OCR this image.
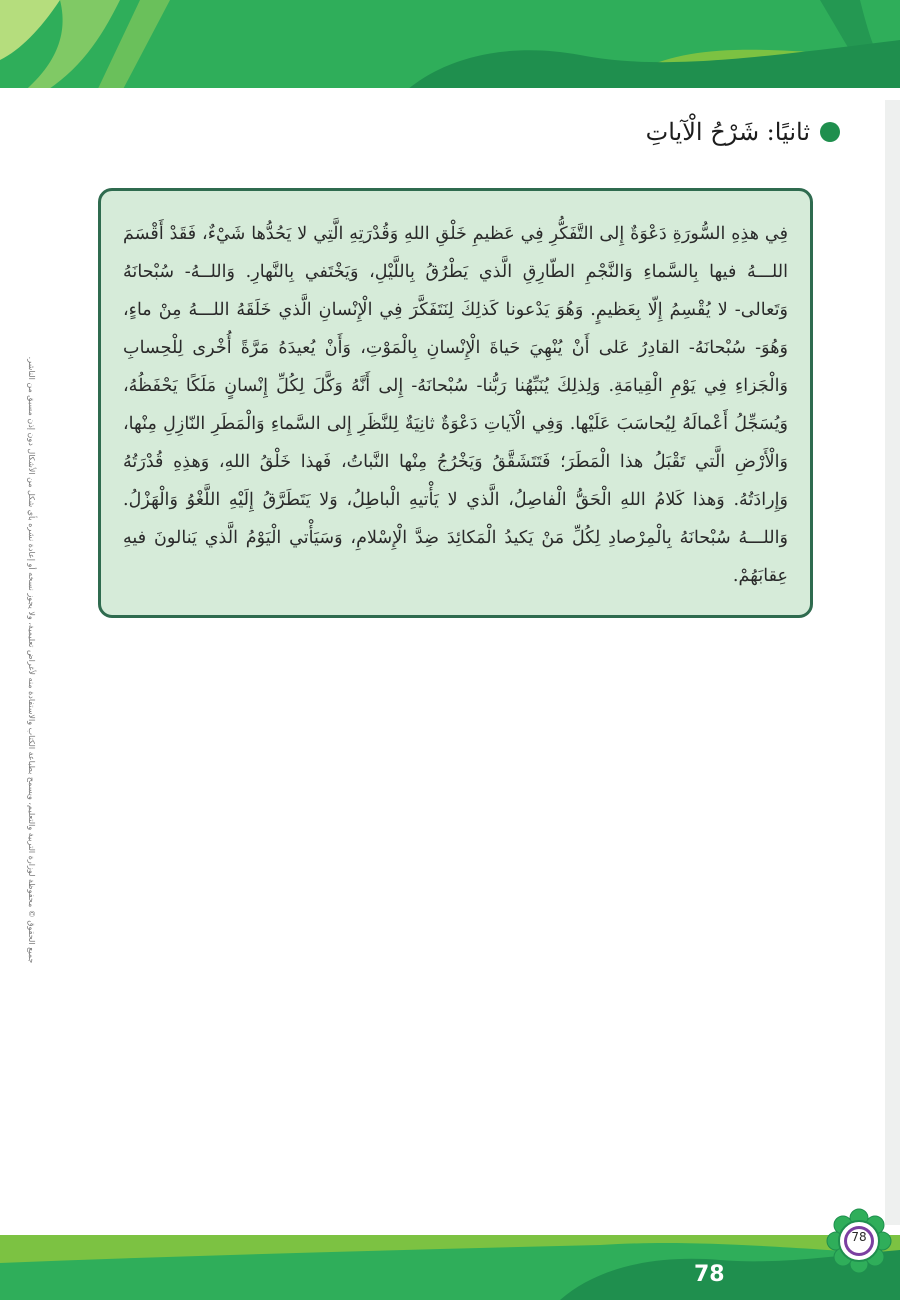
ثانيًا: شَرْحُ الْآياتِ
فِي هذِهِ السُّورَةِ دَعْوَةٌ إِلى التَّفَكُّرِ فِي عَظيمِ خَلْقِ اللهِ وَقُدْرَتِهِ الَّتِي لا يَحُدُّها شَيْءٌ، فَقَدْ أَقْسَمَ اللـــهُ فيها بِالسَّماءِ وَالنَّجْمِ الطّارِقِ الَّذي يَطْرُقُ بِاللَّيْلِ، وَيَخْتَفي بِالنَّهارِ. وَاللــهُ- سُبْحانَهُ وَتَعالى- لا يُقْسِمُ إِلّا بِعَظيمٍ. وَهُوَ يَدْعونا كَذلِكَ لِنَتَفَكَّرَ فِي الْإِنْسانِ الَّذي خَلَقَهُ اللـــهُ مِنْ ماءٍ، وَهُوَ- سُبْحانَهُ- القادِرُ عَلى أَنْ يُنْهِيَ حَياةَ الْإِنْسانِ بِالْمَوْتِ، وَأَنْ يُعيدَهُ مَرَّةً أُخْرى لِلْحِسابِ وَالْجَزاءِ فِي يَوْمِ الْقِيامَةِ. وَلِذلِكَ يُنَبِّهُنا رَبُّنا- سُبْحانَهُ- إِلى أَنَّهُ وَكَّلَ لِكُلِّ إِنْسانٍ مَلَكًا يَحْفَظُهُ، وَيُسَجِّلُ أَعْمالَهُ لِيُحاسَبَ عَلَيْها. وَفِي الْآياتِ دَعْوَةٌ ثانِيَةٌ لِلنَّظَرِ إِلى السَّماءِ وَالْمَطَرِ النّازِلِ مِنْها، وَالْأَرْضِ الَّتي تَقْبَلُ هذا الْمَطَرَ؛ فَتَتَشَقَّقُ وَيَخْرُجُ مِنْها النَّباتُ، فَهذا خَلْقُ اللهِ، وَهذِهِ قُدْرَتُهُ وَإِرادَتُهُ. وَهذا كَلامُ اللهِ الْحَقُّ الْفاصِلُ، الَّذي لا يَأْتيهِ الْباطِلُ، وَلا يَتَطَرَّقُ إِلَيْهِ اللَّغْوُ وَالْهَزْلُ. وَاللـــهُ سُبْحانَهُ بِالْمِرْصادِ لِكُلِّ مَنْ يَكيدُ الْمَكائِدَ ضِدَّ الْإِسْلامِ، وَسَيَأْتي الْيَوْمُ الَّذي يَنالونَ فيهِ عِقابَهُمْ.
جميع الحقوق © محفوظة لوزارة التربية والتعليم، ويسمح بطباعة الكتاب والاستفادة منه لأغراض تعليمية، ولا يجوز نسخه أو إعادة نشره بأي شكل من الأشكال دون إذن مسبق من الناشر.
78
78
